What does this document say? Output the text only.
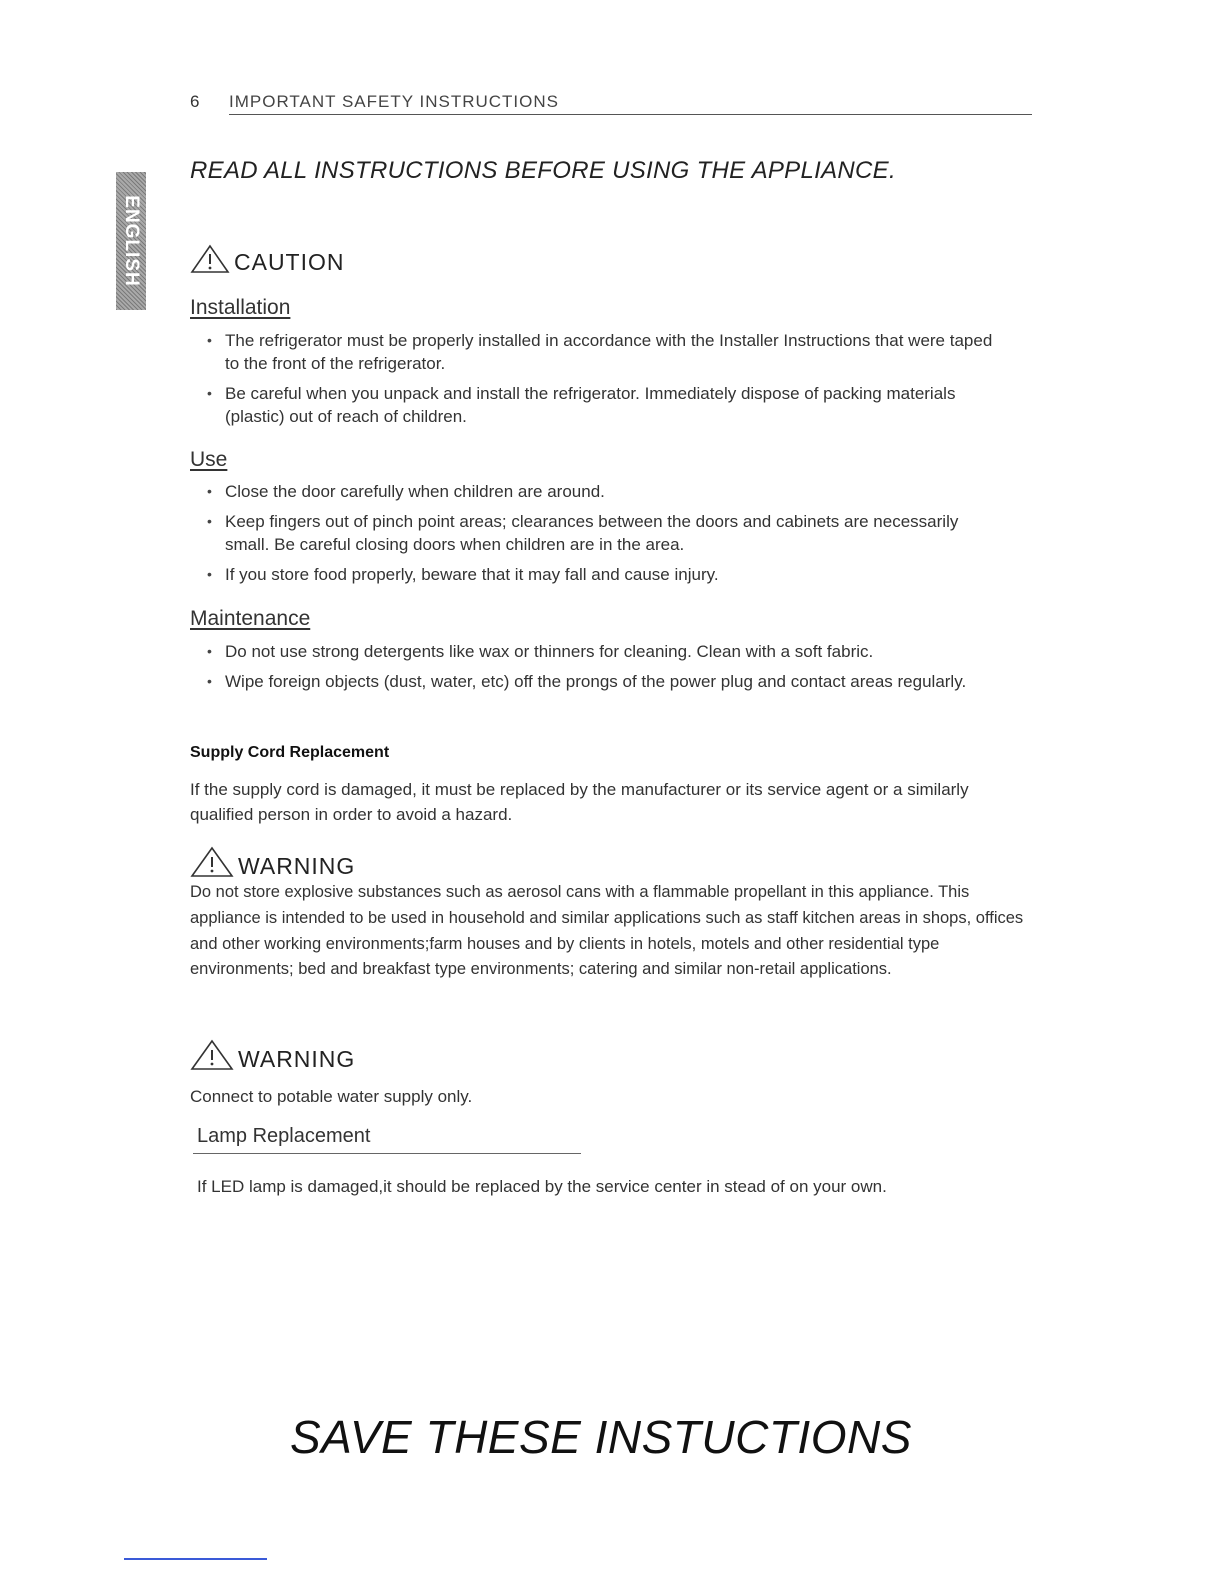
6 IMPORTANT SAFETY INSTRUCTIONS
ENGLISH
READ ALL INSTRUCTIONS BEFORE USING THE APPLIANCE.
CAUTION
Installation
• The refrigerator must be properly installed in accordance with the Installer Instructions that were taped to the front of the refrigerator.
• Be careful when you unpack and install the refrigerator. Immediately dispose of packing materials (plastic) out of reach of children.
Use
• Close the door carefully when children are around.
• Keep fingers out of pinch point areas; clearances between the doors and cabinets are necessarily small. Be careful closing doors when children are in the area.
• If you store food properly, beware that it may fall and cause injury.
Maintenance
• Do not use strong detergents like wax or thinners for cleaning. Clean with a soft fabric.
• Wipe foreign objects (dust, water, etc) off the prongs of the power plug and contact areas regularly.
Supply Cord Replacement
If the supply cord is damaged, it must be replaced by the manufacturer or its service agent or a similarly qualified person in order to avoid a hazard.
WARNING
Do not store explosive substances such as aerosol cans with a flammable propellant in this appliance. This appliance is intended to be used in household and similar applications such as staff kitchen areas in shops, offices and other working environments;farm houses and by clients in hotels, motels and other residential type environments; bed and breakfast type environments; catering and similar non-retail applications.
WARNING
Connect to potable water supply only.
Lamp Replacement
If LED lamp is damaged,it should be replaced by the service center in stead of on your own.
SAVE THESE INSTUCTIONS
